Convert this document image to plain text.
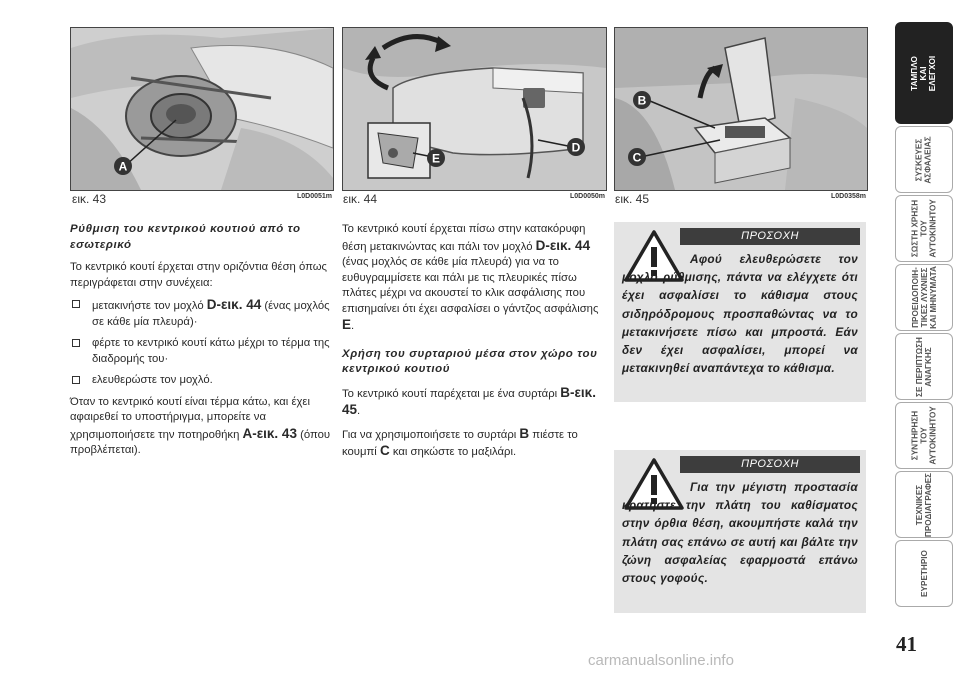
A
εικ. 43	L0D0051m
E
D
εικ. 44	L0D0050m
B
C
εικ. 45	L0D0358m

Ρύθμιση του κεντρικού κουτιού από το εσωτερικό

Το κεντρικό κουτί έρχεται στην οριζόντια θέση όπως περιγράφεται στην συνέχεια:

μετακινήστε τον μοχλό D-εικ. 44 (ένας μοχλός σε κάθε μία πλευρά)·
φέρτε το κεντρικό κουτί κάτω μέχρι το τέρμα της διαδρομής του·
ελευθερώστε τον μοχλό.

Όταν το κεντρικό κουτί είναι τέρμα κάτω, και έχει αφαιρεθεί το υποστήριγμα, μπορείτε να χρησιμοποιήσετε την ποτηροθήκη A-εικ. 43 (όπου προβλέπεται).

Το κεντρικό κουτί έρχεται πίσω στην κατακόρυφη θέση μετακινώντας και πάλι τον μοχλό D-εικ. 44 (ένας μοχλός σε κάθε μία πλευρά) για να το ευθυγραμμίσετε και πάλι με τις πλευρικές πίσω πλάτες μέχρι να ακουστεί το κλικ ασφάλισης που επισημαίνει ότι έχει ασφαλίσει ο γάντζος ασφάλισης E.

Χρήση του συρταριού μέσα στον χώρο του κεντρικού κουτιού

Το κεντρικό κουτί παρέχεται με ένα συρτάρι B-εικ. 45.

Για να χρησιμοποιήσετε το συρτάρι B πιέστε το κουμπί C και σηκώστε το μαξιλάρι.

ΠΡΟΣΟΧΗ
Αφού ελευθερώσετε τον μοχλό ρύθμισης, πάντα να ελέγχετε ότι έχει ασφαλίσει το κάθισμα στους σιδηρόδρομους προσπαθώντας να το μετακινήσετε πίσω και μπροστά. Εάν δεν έχει ασφαλίσει, μπορεί να μετακινηθεί αναπάντεχα το κάθισμα.
ΠΡΟΣΟΧΗ
Για την μέγιστη προστασία κρατήστε την πλάτη του καθίσματος στην όρθια θέση, ακουμπήστε καλά την πλάτη σας επάνω σε αυτή και βάλτε την ζώνη ασφαλείας εφαρμοστά επάνω στους γοφούς.
ΤΑΜΠΛΟ
ΚΑΙ
ΕΛΕΓΧΟΙ
ΣΥΣΚΕΥΕΣ
ΑΣΦΑΛΕΙΑΣ
ΣΩΣΤΗ ΧΡΗΣΗ
ΤΟΥ
ΑΥΤΟΚΙΝΗΤΟΥ
ΠΡΟΕΙΔΟΠΟΙΗ-
ΤΙΚΕΣ ΛΥΧΝΙΕΣ
ΚΑΙ ΜΗΝΥΜΑΤΑ
ΣΕ ΠΕΡΙΠΤΩΣΗ
ΑΝΑΓΚΗΣ
ΣΥΝΤΗΡΗΣΗ
ΤΟΥ
ΑΥΤΟΚΙΝΗΤΟΥ
ΤΕΧΝΙΚΕΣ
ΠΡΟΔΙΑΓΡΑΦΕΣ
ΕΥΡΕΤΗΡΙΟ
41
carmanualsonline.info
